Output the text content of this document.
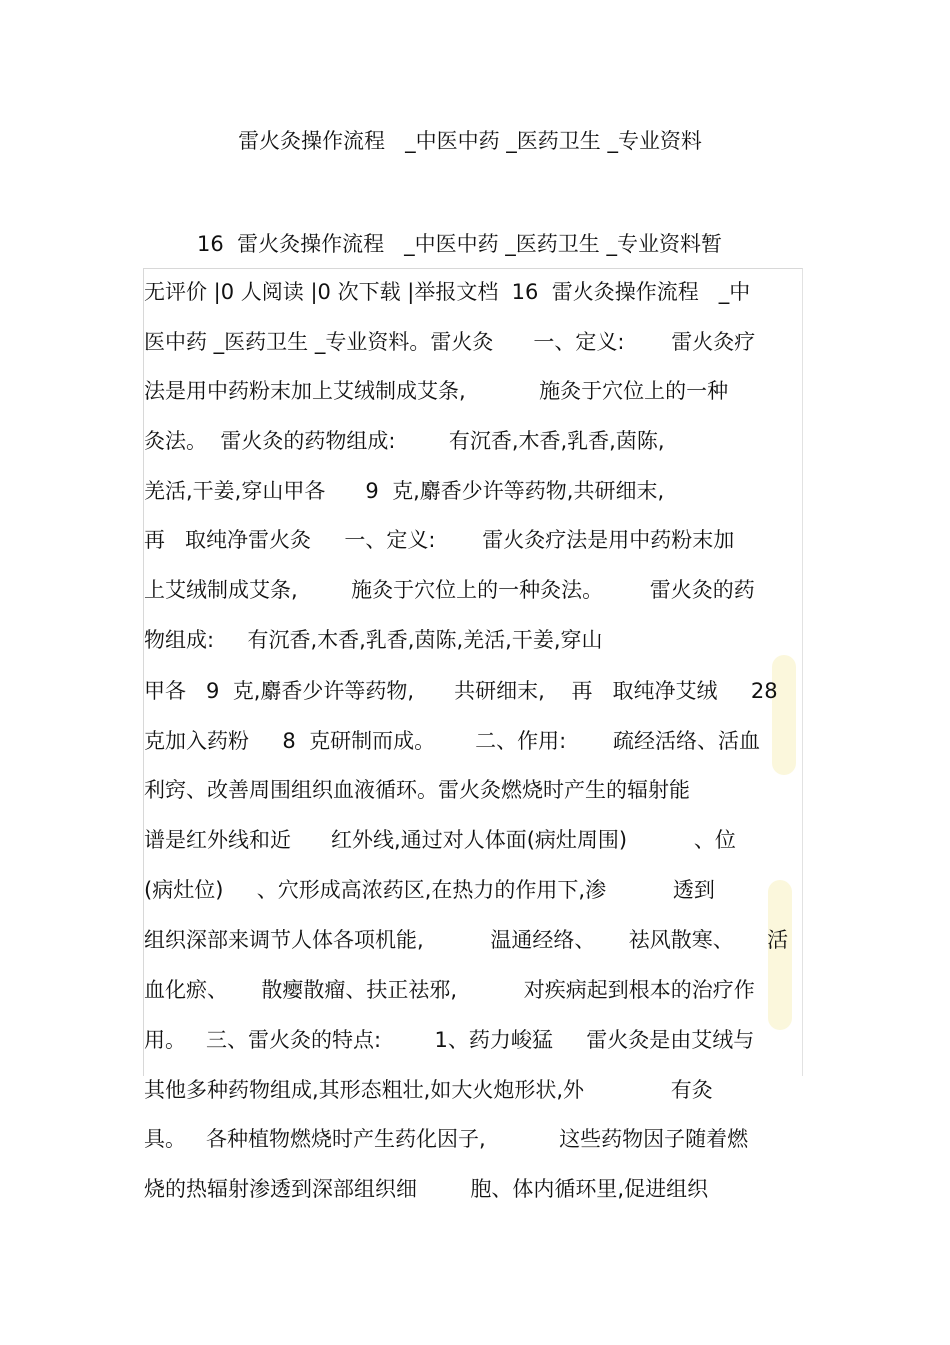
雷火灸操作流程   _中医中药 _医药卫生 _专业资料
16  雷火灸操作流程   _中医中药 _医药卫生 _专业资料暂
无评价 |0 人阅读 |0 次下载 |举报文档  16  雷火灸操作流程   _中
医中药 _医药卫生 _专业资料。雷火灸      一、定义:       雷火灸疗
法是用中药粉末加上艾绒制成艾条,           施灸于穴位上的一种
灸法。  雷火灸的药物组成:        有沉香,木香,乳香,茵陈,
羌活,干姜,穿山甲各      9  克,麝香少许等药物,共研细末,
再   取纯净雷火灸     一、定义:       雷火灸疗法是用中药粉末加
上艾绒制成艾条,        施灸于穴位上的一种灸法。       雷火灸的药
物组成:     有沉香,木香,乳香,茵陈,羌活,干姜,穿山
甲各   9  克,麝香少许等药物,      共研细末,    再   取纯净艾绒     28
克加入药粉     8  克研制而成。      二、作用:       疏经活络、活血
利窍、改善周围组织血液循环。雷火灸燃烧时产生的辐射能
谱是红外线和近      红外线,通过对人体面(病灶周围)          、位
(病灶位)     、穴形成高浓药区,在热力的作用下,渗          透到
组织深部来调节人体各项机能,          温通经络、     祛风散寒、     活
血化瘀、     散瘿散瘤、扶正祛邪,          对疾病起到根本的治疗作
用。   三、雷火灸的特点:        1、药力峻猛     雷火灸是由艾绒与
其他多种药物组成,其形态粗壮,如大火炮形状,外             有灸
具。   各种植物燃烧时产生药化因子,           这些药物因子随着燃
烧的热辐射渗透到深部组织细        胞、体内循环里,促进组织
